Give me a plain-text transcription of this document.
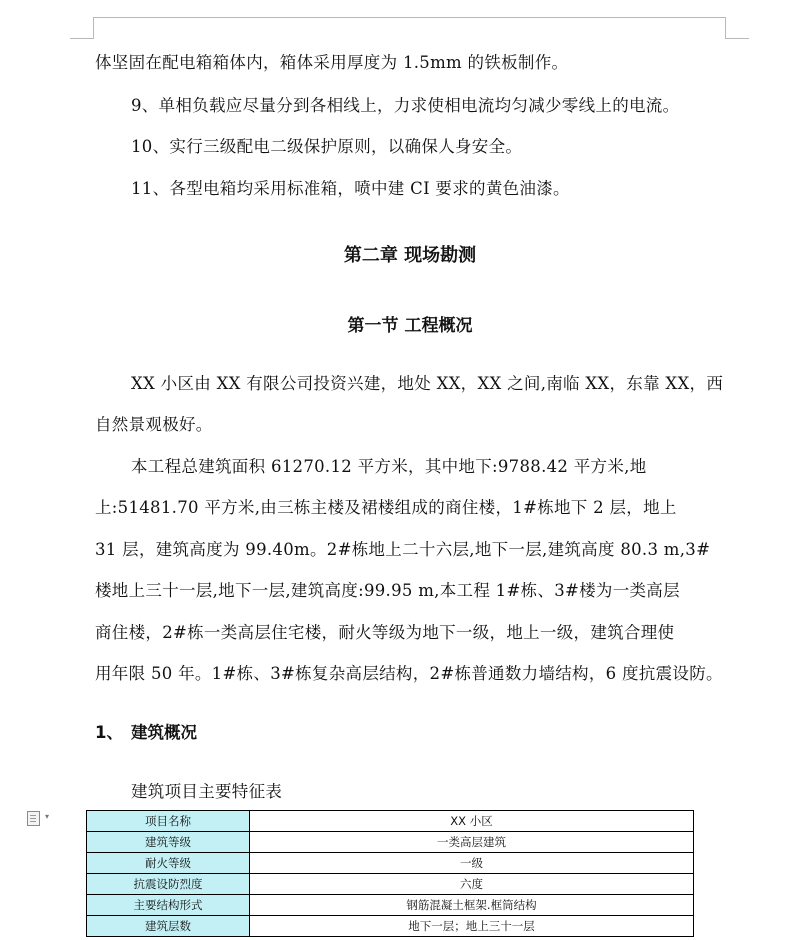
体坚固在配电箱箱体内，箱体采用厚度为 1.5mm 的铁板制作。
9、单相负载应尽量分到各相线上，力求使相电流均匀减少零线上的电流。
10、实行三级配电二级保护原则，以确保人身安全。
11、各型电箱均采用标准箱，喷中建 CI 要求的黄色油漆。
第二章 现场勘测
第一节 工程概况
XX 小区由 XX 有限公司投资兴建，地处 XX，XX 之间,南临 XX，东靠 XX，西
自然景观极好。
本工程总建筑面积 61270.12 平方米，其中地下:9788.42 平方米,地
上:51481.70 平方米,由三栋主楼及裙楼组成的商住楼，1#栋地下 2 层，地上
31 层，建筑高度为 99.40m。2#栋地上二十六层,地下一层,建筑高度 80.3 m,3#
楼地上三十一层,地下一层,建筑高度:99.95 m,本工程 1#栋、3#楼为一类高层
商住楼，2#栋一类高层住宅楼，耐火等级为地下一级，地上一级，建筑合理使
用年限 50 年。1#栋、3#栋复杂高层结构，2#栋普通数力墙结构，6 度抗震设防。
1、 建筑概况
建筑项目主要特征表
▾	项目名称	XX 小区
建筑等级	一类高层建筑
耐火等级	一级
抗震设防烈度	六度
主要结构形式	钢筋混凝土框架.框筒结构
建筑层数	地下一层；地上三十一层
